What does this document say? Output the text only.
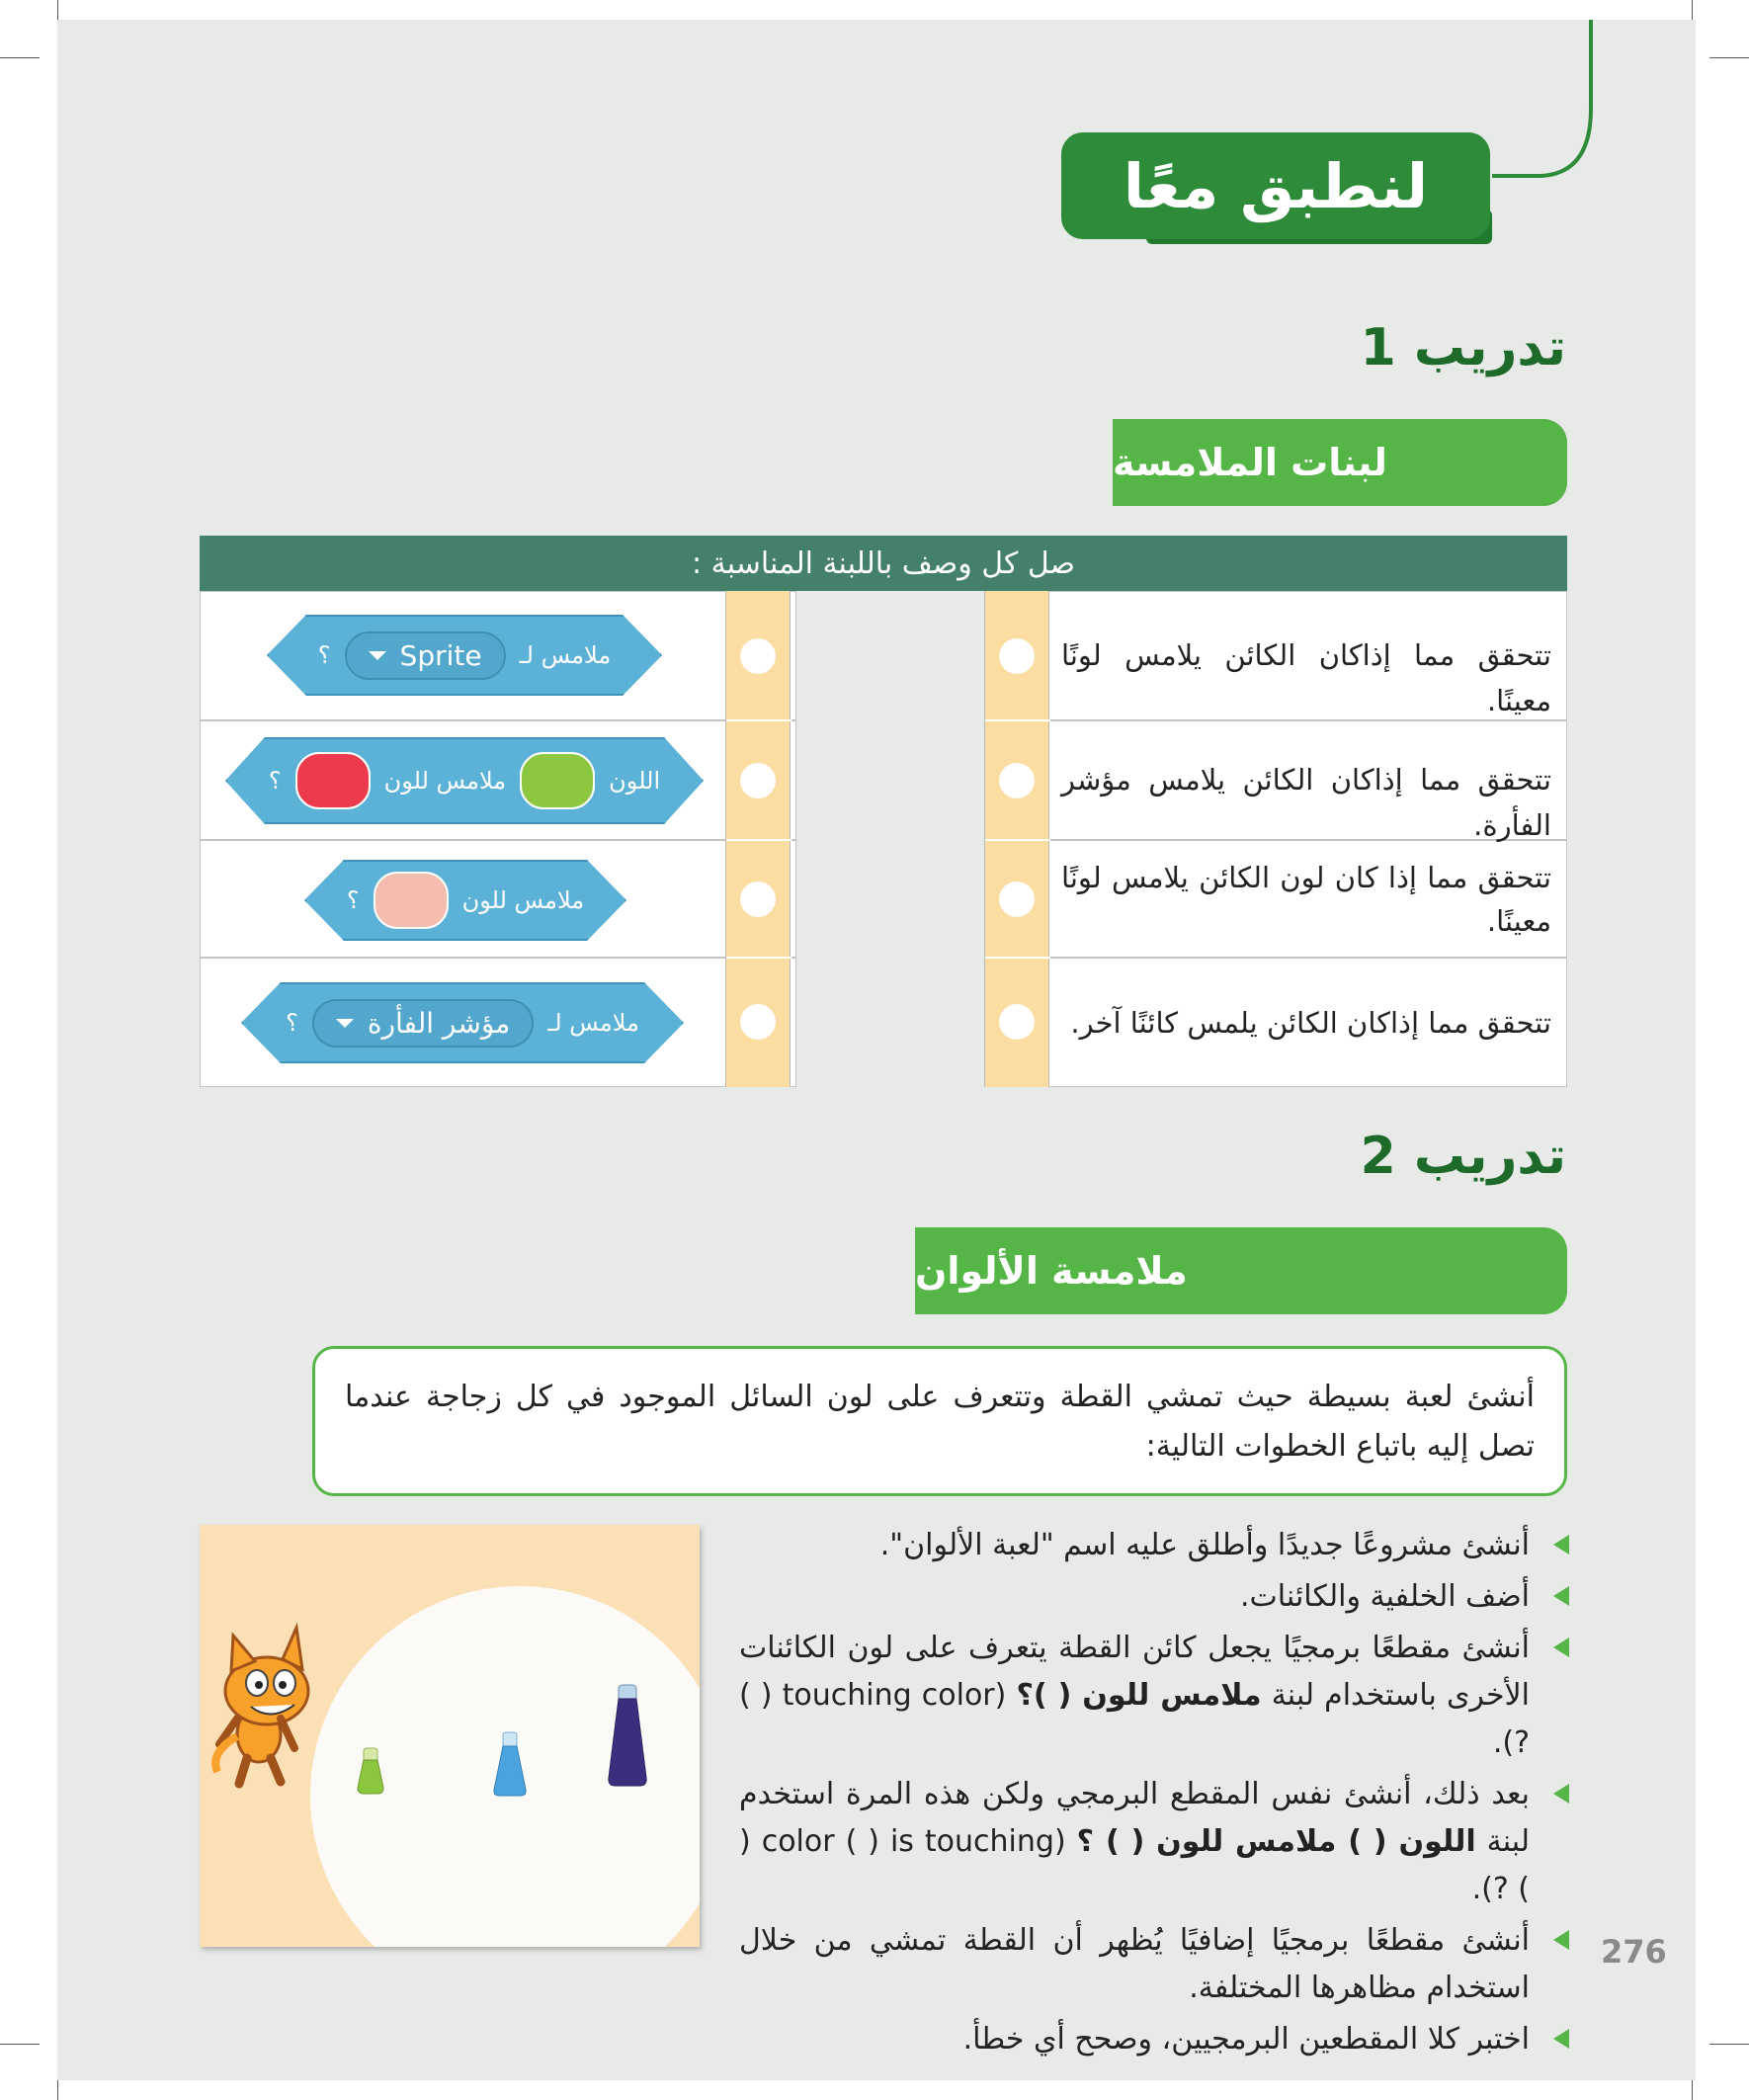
لنطبق معًا
تدريب 1
لبنات الملامسة
صل كل وصف باللبنة المناسبة :
تتحقق مما إذاكان الكائن يلامس لونًا معينًا.
تتحقق مما إذاكان الكائن يلامس مؤشر الفأرة.
تتحقق مما إذا كان لون الكائن يلامس لونًا معينًا.
تتحقق مما إذاكان الكائن يلمس كائنًا آخر.
ملامس لـ
Sprite
؟
اللون
ملامس للون
؟
ملامس للون
؟
ملامس لـ
مؤشر الفأرة
؟
تدريب 2
ملامسة الألوان
أنشئ لعبة بسيطة حيث تمشي القطة وتتعرف على لون السائل الموجود في كل زجاجة عندما تصل إليه باتباع الخطوات التالية:
أنشئ مشروعًا جديدًا وأطلق عليه اسم "لعبة الألوان".
أضف الخلفية والكائنات.
أنشئ مقطعًا برمجيًا يجعل كائن القطة يتعرف على لون الكائنات الأخرى باستخدام لبنة ملامس للون ( )؟ (touching color ( ) ?).
بعد ذلك، أنشئ نفس المقطع البرمجي ولكن هذه المرة استخدم لبنة اللون ( ) ملامس للون ( ) ؟ (color ( ) is touching ( ) ?).
أنشئ مقطعًا برمجيًا إضافيًا يُظهر أن القطة تمشي من خلال استخدام مظاهرها المختلفة.
اختبر كلا المقطعين البرمجيين، وصحح أي خطأ.
276
